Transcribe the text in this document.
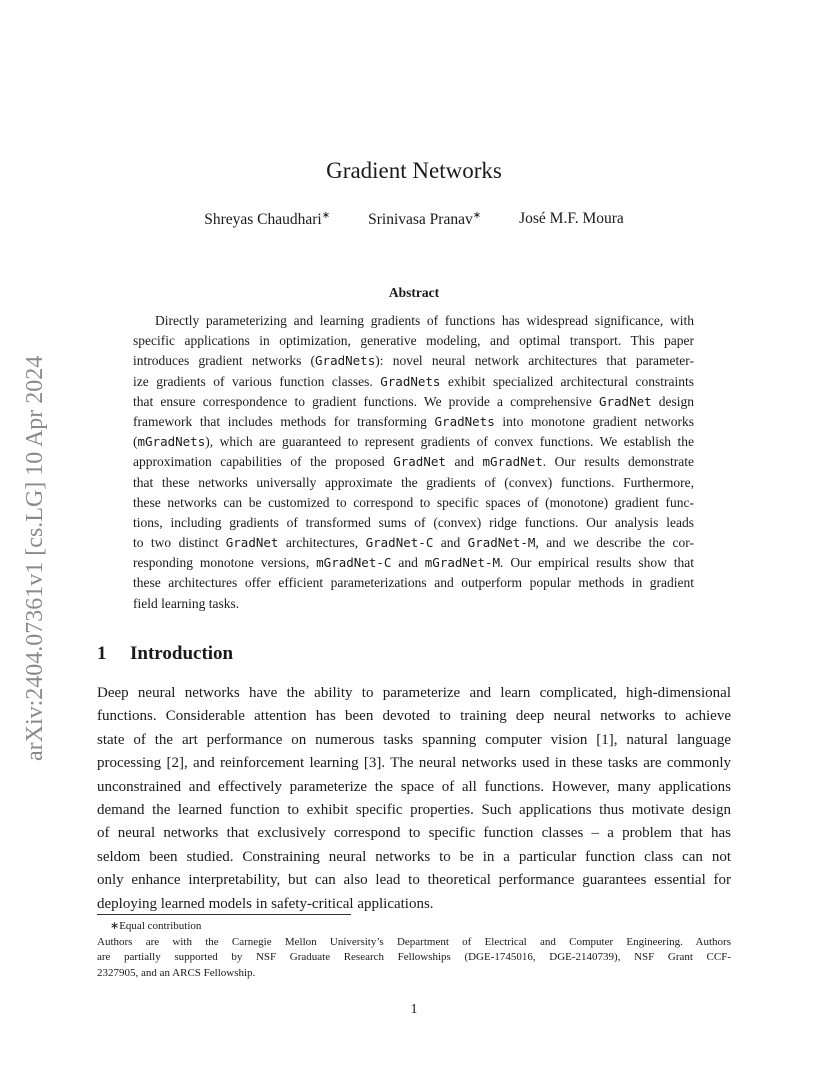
arXiv:2404.07361v1 [cs.LG] 10 Apr 2024
Gradient Networks
Shreyas Chaudhari∗ Srinivasa Pranav∗ José M.F. Moura
Abstract
Directly parameterizing and learning gradients of functions has widespread significance, with
specific applications in optimization, generative modeling, and optimal transport. This paper
introduces gradient networks (GradNets): novel neural network architectures that parameter-
ize gradients of various function classes. GradNets exhibit specialized architectural constraints
that ensure correspondence to gradient functions. We provide a comprehensive GradNet design
framework that includes methods for transforming GradNets into monotone gradient networks
(mGradNets), which are guaranteed to represent gradients of convex functions. We establish the
approximation capabilities of the proposed GradNet and mGradNet. Our results demonstrate
that these networks universally approximate the gradients of (convex) functions. Furthermore,
these networks can be customized to correspond to specific spaces of (monotone) gradient func-
tions, including gradients of transformed sums of (convex) ridge functions. Our analysis leads
to two distinct GradNet architectures, GradNet-C and GradNet-M, and we describe the cor-
responding monotone versions, mGradNet-C and mGradNet-M. Our empirical results show that
these architectures offer efficient parameterizations and outperform popular methods in gradient
field learning tasks.
1 Introduction
Deep neural networks have the ability to parameterize and learn complicated, high-dimensional
functions. Considerable attention has been devoted to training deep neural networks to achieve
state of the art performance on numerous tasks spanning computer vision [1], natural language
processing [2], and reinforcement learning [3]. The neural networks used in these tasks are commonly
unconstrained and effectively parameterize the space of all functions. However, many applications
demand the learned function to exhibit specific properties. Such applications thus motivate design
of neural networks that exclusively correspond to specific function classes – a problem that has
seldom been studied. Constraining neural networks to be in a particular function class can not
only enhance interpretability, but can also lead to theoretical performance guarantees essential for
deploying learned models in safety-critical applications.
∗Equal contribution
Authors are with the Carnegie Mellon University’s Department of Electrical and Computer Engineering. Authors
are partially supported by NSF Graduate Research Fellowships (DGE-1745016, DGE-2140739), NSF Grant CCF-
2327905, and an ARCS Fellowship.
1
